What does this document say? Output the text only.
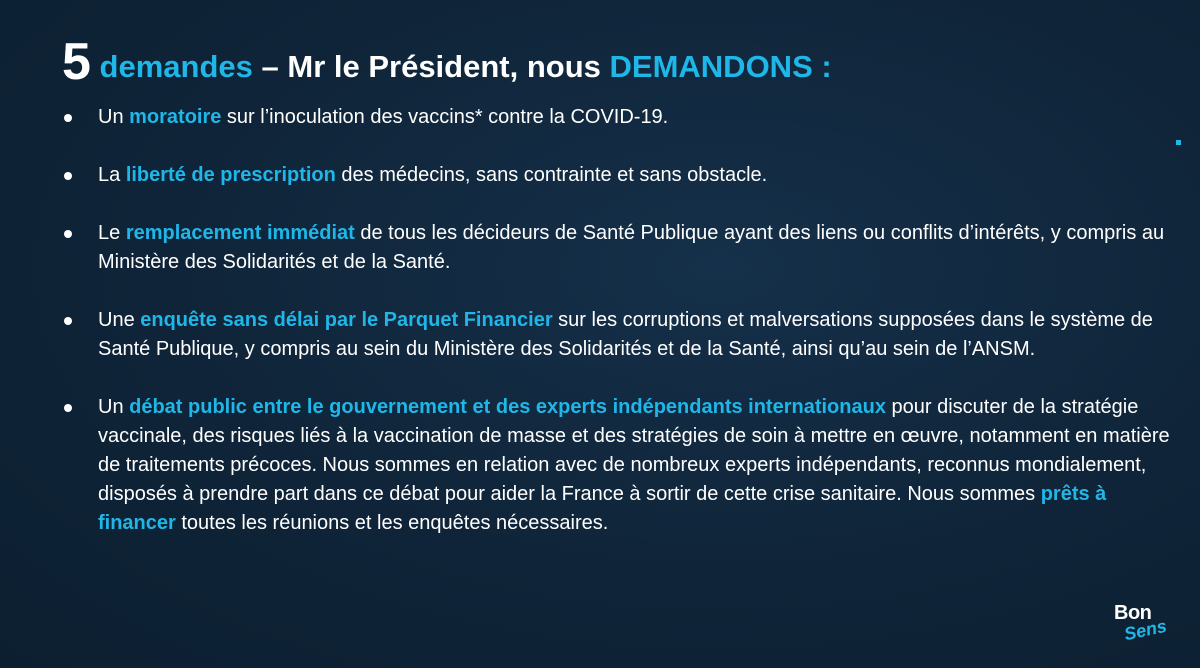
5 demandes – Mr le Président, nous DEMANDONS :
Un moratoire sur l’inoculation des vaccins* contre la COVID-19.
La liberté de prescription des médecins, sans contrainte et sans obstacle.
Le remplacement immédiat de tous les décideurs de Santé Publique ayant des liens ou conflits d’intérêts, y compris au Ministère des Solidarités et de la Santé.
Une enquête sans délai par le Parquet Financier sur les corruptions et malversations supposées dans le système de Santé Publique, y compris au sein du Ministère des Solidarités et de la Santé, ainsi qu’au sein de l’ANSM.
Un débat public entre le gouvernement et des experts indépendants internationaux pour discuter de la stratégie vaccinale, des risques liés à la vaccination de masse et des stratégies de soin à mettre en œuvre, notamment en matière de traitements précoces. Nous sommes en relation avec de nombreux experts indépendants, reconnus mondialement, disposés à prendre part dans ce débat pour aider la France à sortir de cette crise sanitaire. Nous sommes prêts à financer toutes les réunions et les enquêtes nécessaires.
Bon
Sens
